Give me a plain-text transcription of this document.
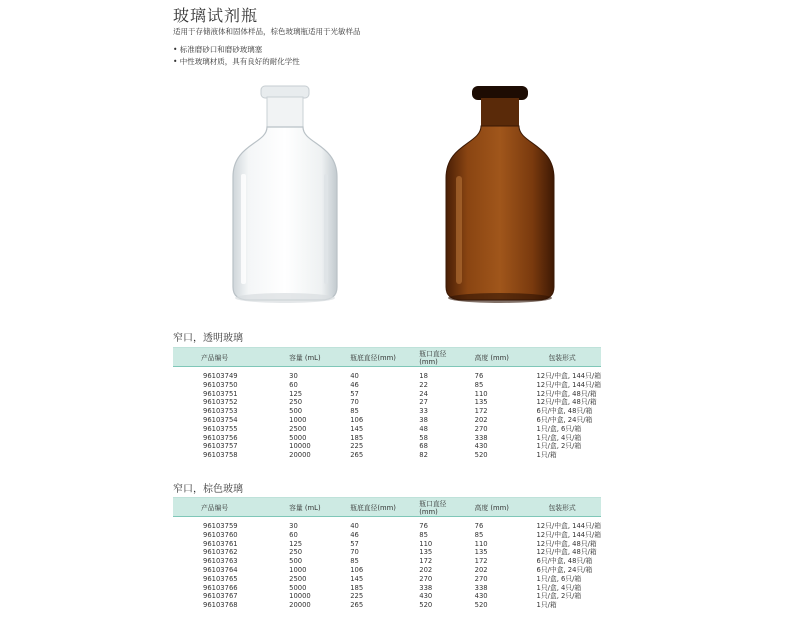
玻璃试剂瓶
适用于存储液体和固体样品，棕色玻璃瓶适用于光敏样品
• 标准磨砂口和磨砂玻璃塞
• 中性玻璃材质，具有良好的耐化学性
窄口，透明玻璃
产品编号	容量 (mL)	瓶底直径(mm)	瓶口直径(mm)	高度 (mm)	包装形式
96103749	30	40	18	76	12只/中盒, 144只/箱
96103750	60	46	22	85	12只/中盒, 144只/箱
96103751	125	57	24	110	12只/中盒, 48只/箱
96103752	250	70	27	135	12只/中盒, 48只/箱
96103753	500	85	33	172	6只/中盒, 48只/箱
96103754	1000	106	38	202	6只/中盒, 24只/箱
96103755	2500	145	48	270	1只/盒, 6只/箱
96103756	5000	185	58	338	1只/盒, 4只/箱
96103757	10000	225	68	430	1只/盒, 2只/箱
96103758	20000	265	82	520	1只/箱
窄口，棕色玻璃
产品编号	容量 (mL)	瓶底直径(mm)	瓶口直径(mm)	高度 (mm)	包装形式
96103759	30	40	76	76	12只/中盒, 144只/箱
96103760	60	46	85	85	12只/中盒, 144只/箱
96103761	125	57	110	110	12只/中盒, 48只/箱
96103762	250	70	135	135	12只/中盒, 48只/箱
96103763	500	85	172	172	6只/中盒, 48只/箱
96103764	1000	106	202	202	6只/中盒, 24只/箱
96103765	2500	145	270	270	1只/盒, 6只/箱
96103766	5000	185	338	338	1只/盒, 4只/箱
96103767	10000	225	430	430	1只/盒, 2只/箱
96103768	20000	265	520	520	1只/箱
